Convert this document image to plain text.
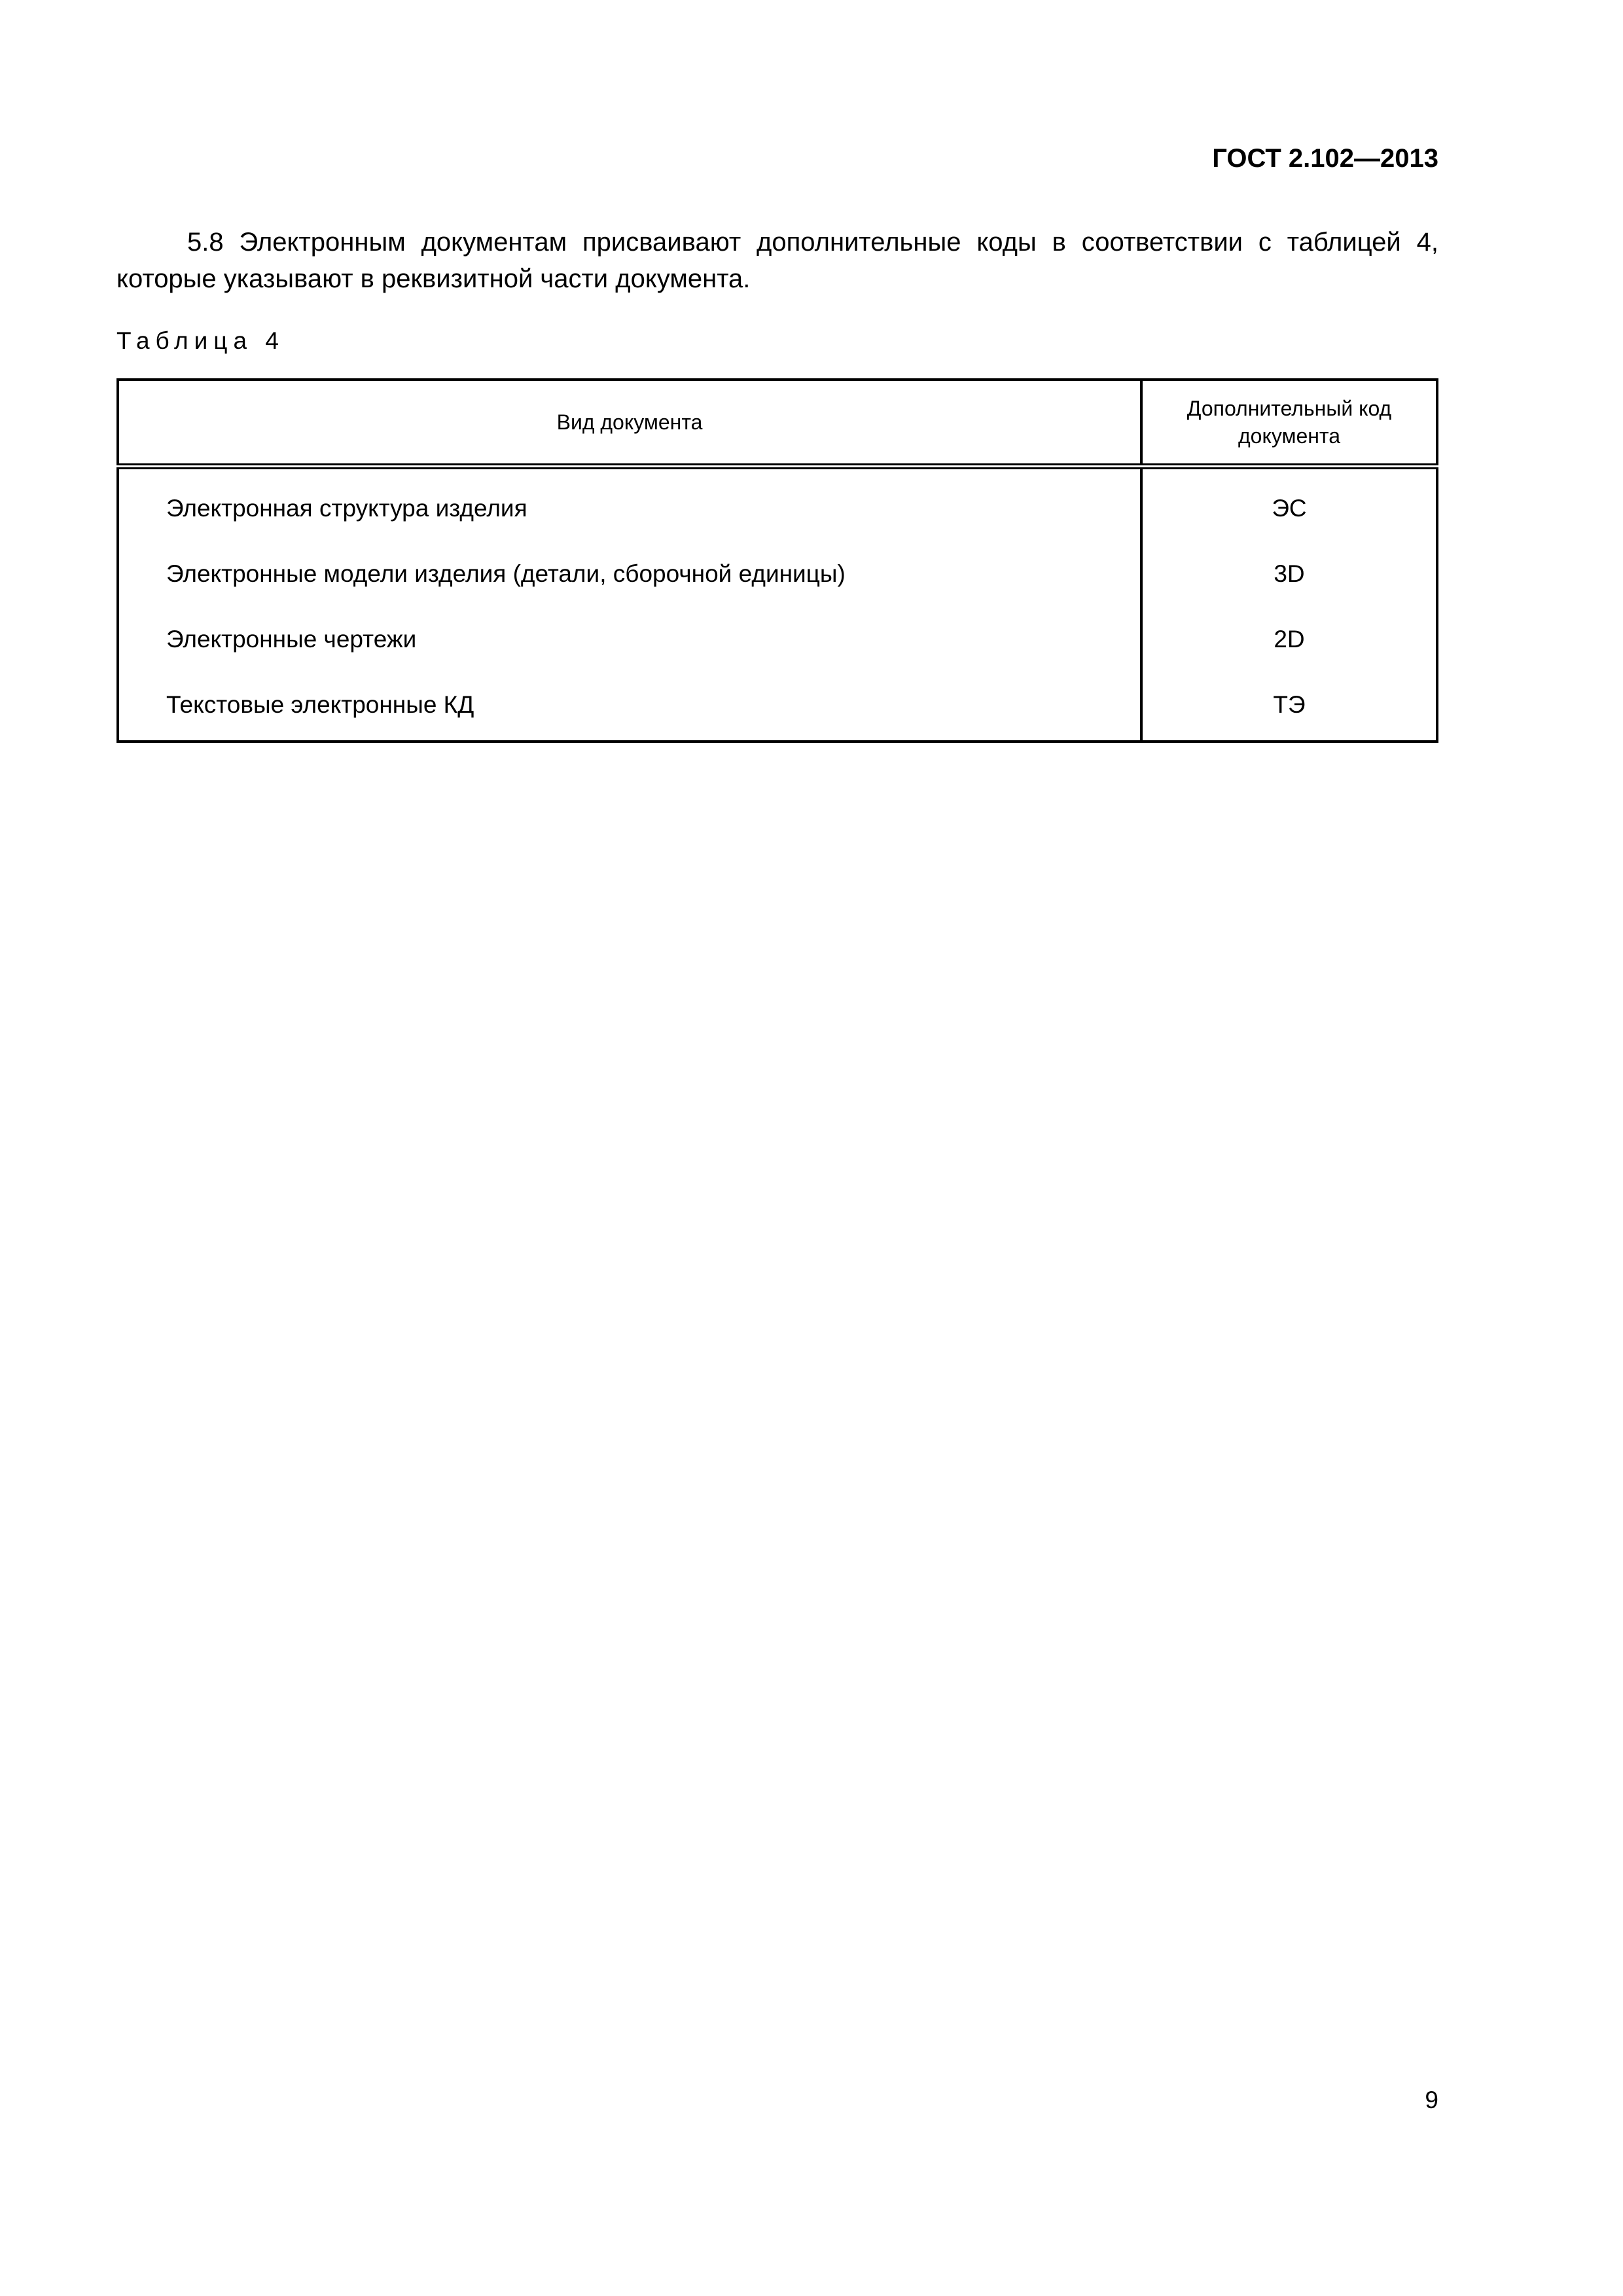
ГОСТ 2.102—2013

5.8 Электронным документам присваивают дополнительные коды в соответствии с таблицей 4, которые указывают в реквизитной части документа.

Таблица 4
Вид документа	Дополнительный код документа
Электронная структура изделия	ЭС
Электронные модели изделия (детали, сборочной единицы)	3D
Электронные чертежи	2D
Текстовые электронные КД	ТЭ
9
